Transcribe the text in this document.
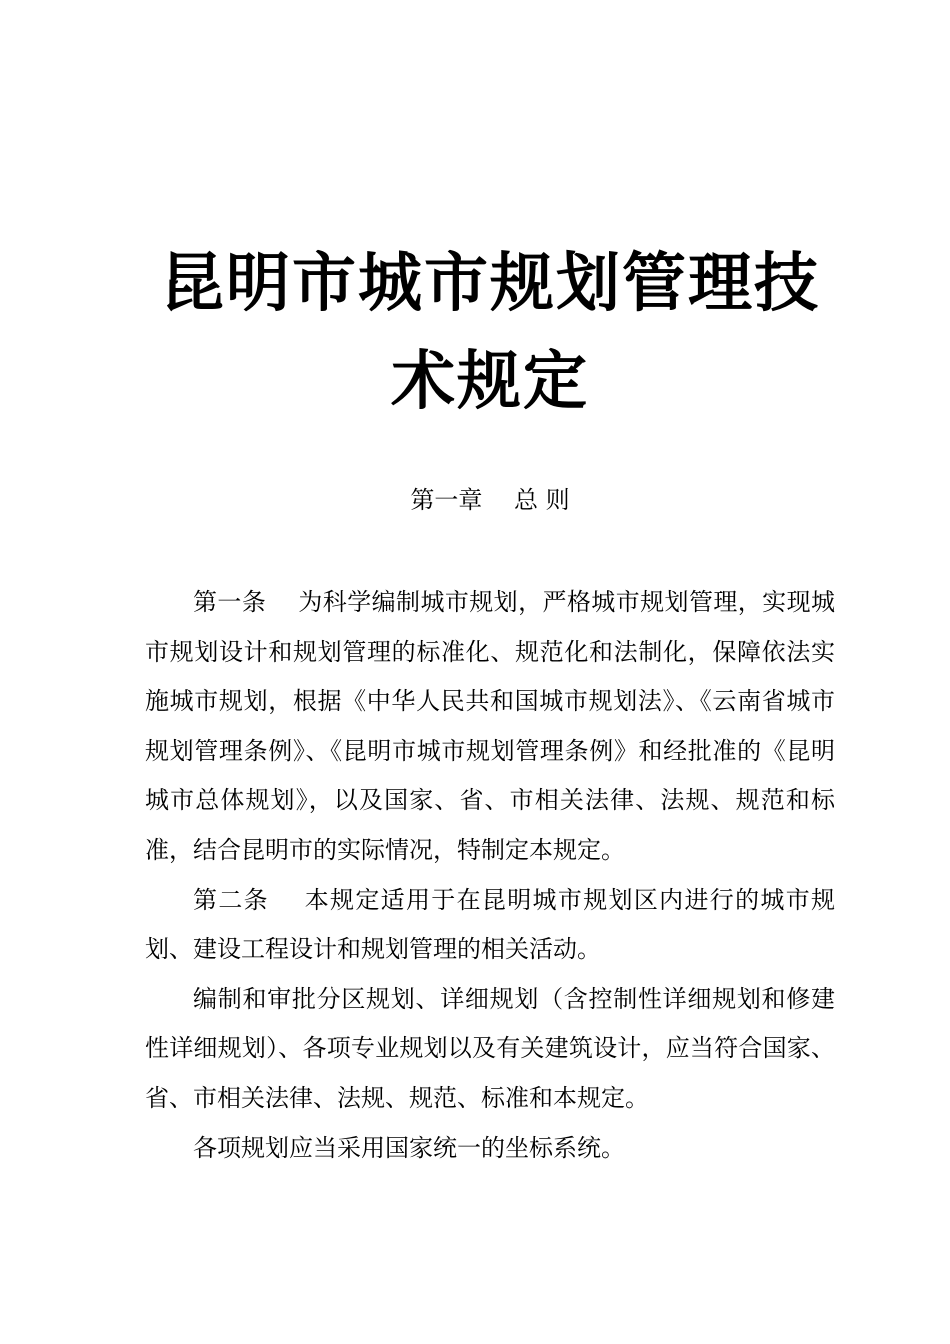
昆明市城市规划管理技
术规定
第一章　 总 则

第一条 为科学编制城市规划，严格城市规划管理，实现城市规划设计和规划管理的标准化、规范化和法制化，保障依法实施城市规划，根据《中华人民共和国城市规划法》、《云南省城市规划管理条例》、《昆明市城市规划管理条例》和经批准的《昆明城市总体规划》，以及国家、省、市相关法律、法规、规范和标准，结合昆明市的实际情况，特制定本规定。

第二条 本规定适用于在昆明城市规划区内进行的城市规划、建设工程设计和规划管理的相关活动。

编制和审批分区规划、详细规划（含控制性详细规划和修建性详细规划）、各项专业规划以及有关建筑设计，应当符合国家、省、市相关法律、法规、规范、标准和本规定。

各项规划应当采用国家统一的坐标系统。
